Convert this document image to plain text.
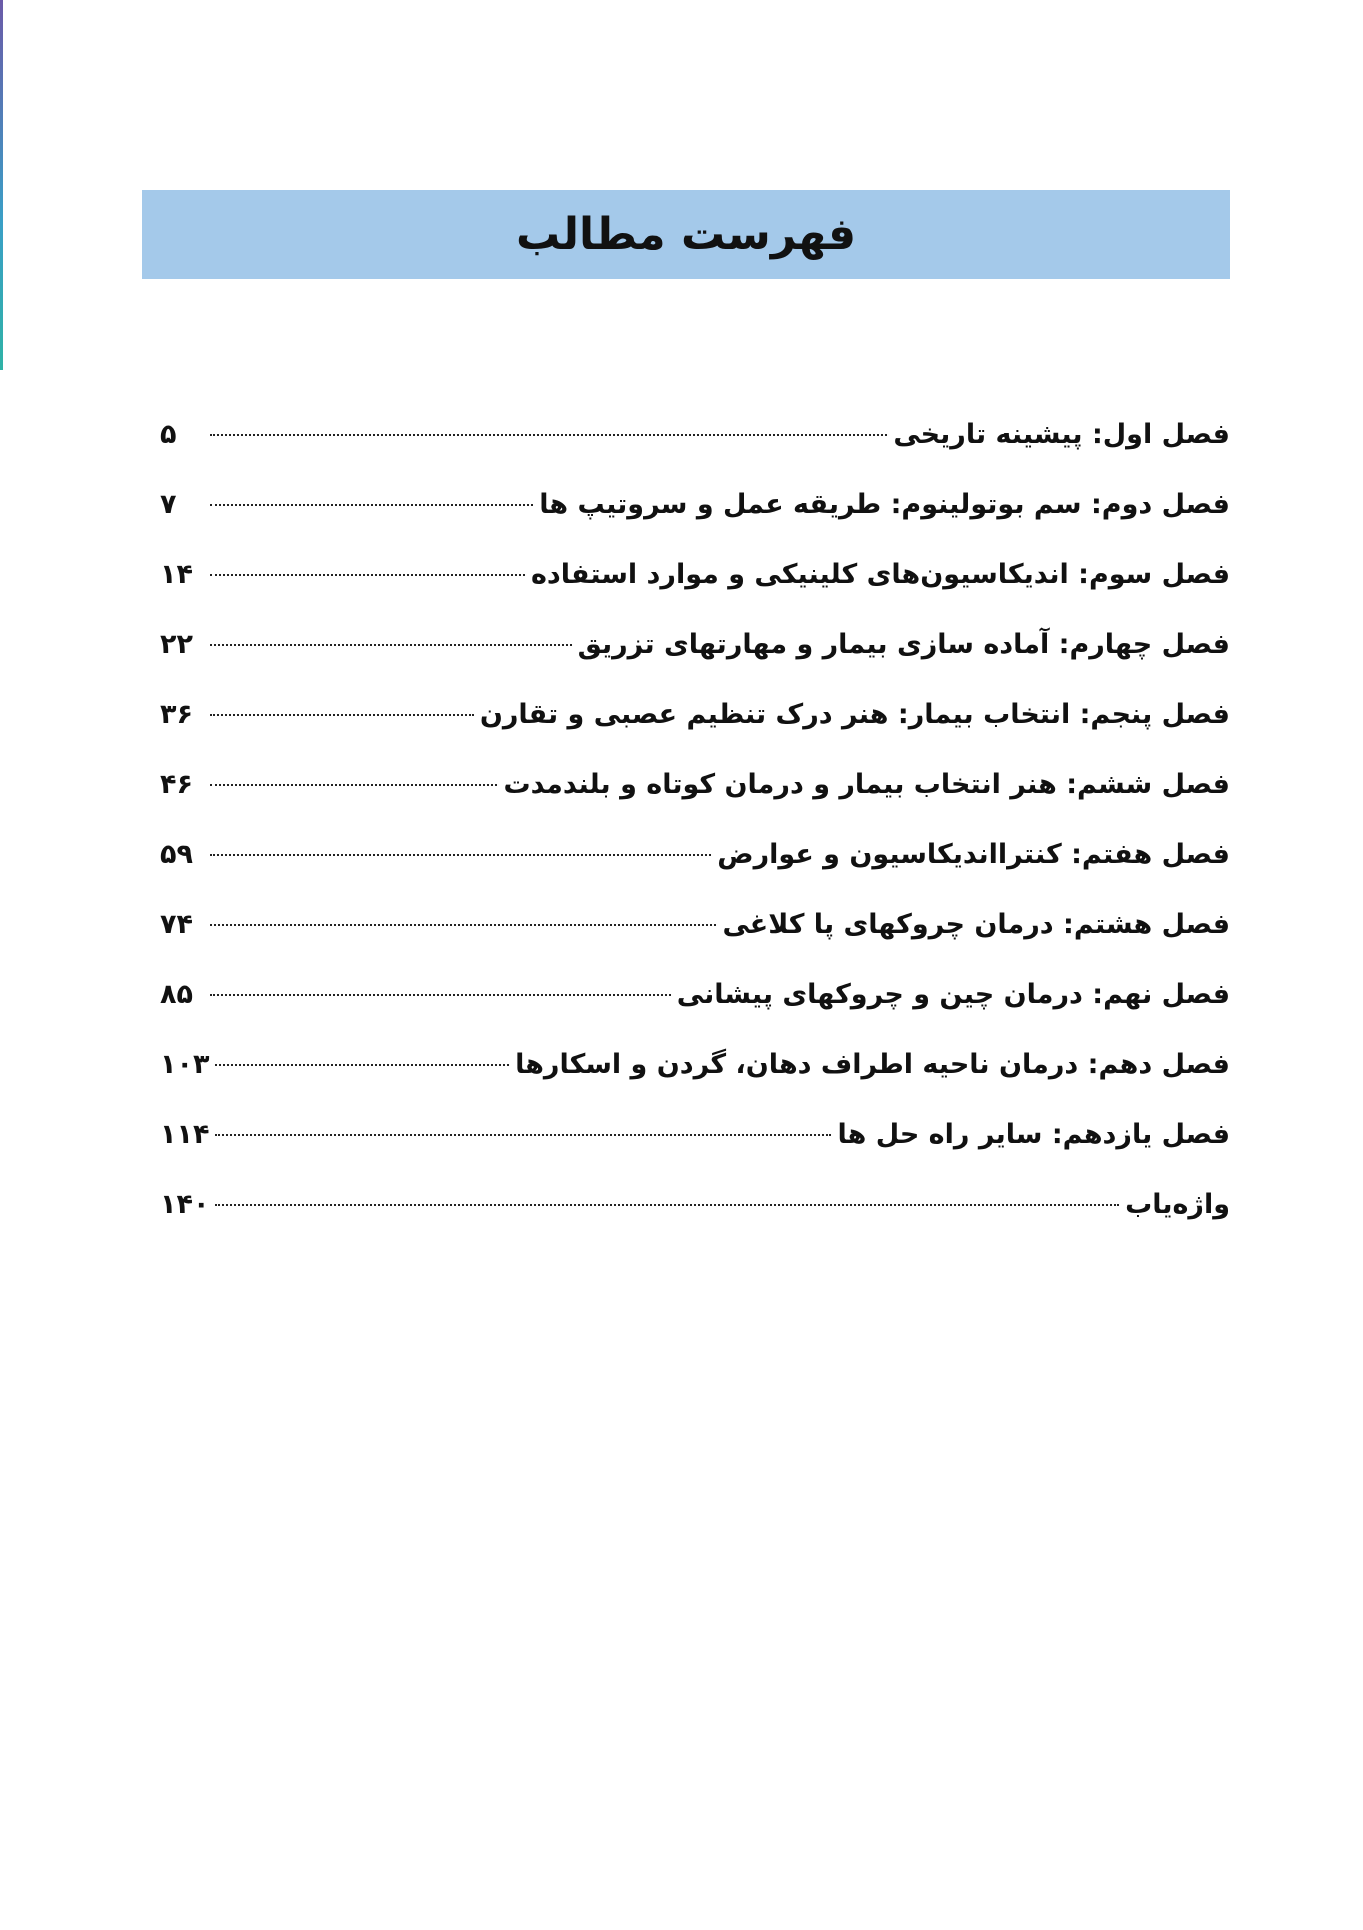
فهرست مطالب
فصل اول: پیشینه تاریخی
۵
فصل دوم: سم بوتولینوم: طریقه عمل و سروتیپ ها
۷
فصل سوم: اندیکاسیون‌های کلینیکی و موارد استفاده
۱۴
فصل چهارم: آماده سازی بیمار و مهارتهای تزریق
۲۲
فصل پنجم: انتخاب بیمار: هنر درک تنظیم عصبی و تقارن
۳۶
فصل ششم: هنر انتخاب بیمار و درمان کوتاه و بلندمدت
۴۶
فصل هفتم: کنترااندیکاسیون و عوارض
۵۹
فصل هشتم: درمان چروکهای پا کلاغی
۷۴
فصل نهم: درمان چین و چروکهای پیشانی
۸۵
فصل دهم: درمان ناحیه اطراف دهان، گردن و اسکارها
۱۰۳
فصل یازدهم: سایر راه حل ها
۱۱۴
واژه‌یاب
۱۴۰
